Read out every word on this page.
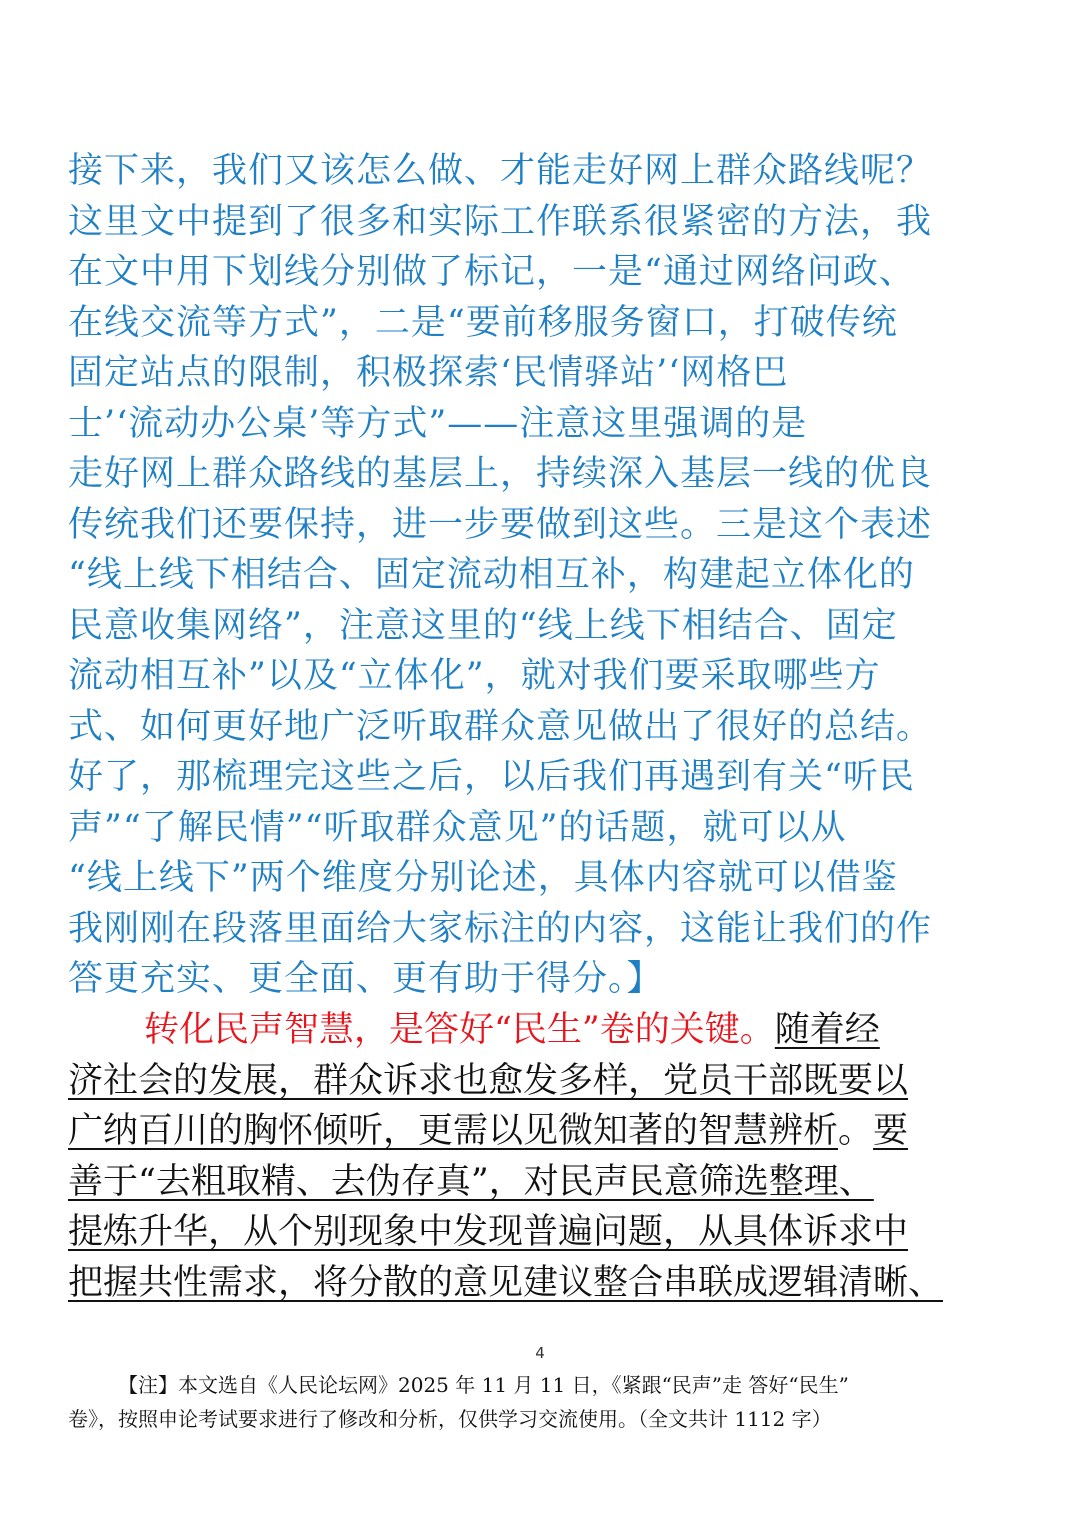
接下来，我们又该怎么做、才能走好网上群众路线呢？
这里文中提到了很多和实际工作联系很紧密的方法，我
在文中用下划线分别做了标记，一是“通过网络问政、
在线交流等方式”，二是“要前移服务窗口，打破传统
固定站点的限制，积极探索‘民情驿站’‘网格巴
士’‘流动办公桌’等方式”——注意这里强调的是
走好网上群众路线的基层上，持续深入基层一线的优良
传统我们还要保持，进一步要做到这些。三是这个表述
“线上线下相结合、固定流动相互补，构建起立体化的
民意收集网络”，注意这里的“线上线下相结合、固定
流动相互补”以及“立体化”，就对我们要采取哪些方
式、如何更好地广泛听取群众意见做出了很好的总结。
好了，那梳理完这些之后，以后我们再遇到有关“听民
声”“了解民情”“听取群众意见”的话题，就可以从
“线上线下”两个维度分别论述，具体内容就可以借鉴
我刚刚在段落里面给大家标注的内容，这能让我们的作
答更充实、更全面、更有助于得分。】
转化民声智慧，是答好“民生”卷的关键。随着经
济社会的发展，群众诉求也愈发多样，党员干部既要以
广纳百川的胸怀倾听，更需以见微知著的智慧辨析。要
善于“去粗取精、去伪存真”，对民声民意筛选整理、
提炼升华，从个别现象中发现普遍问题，从具体诉求中
把握共性需求，将分散的意见建议整合串联成逻辑清晰、
4
【注】本文选自《人民论坛网》2025 年 11 月 11 日，《紧跟“民声”走 答好“民生”
卷》，按照申论考试要求进行了修改和分析，仅供学习交流使用。（全文共计 1112 字）
